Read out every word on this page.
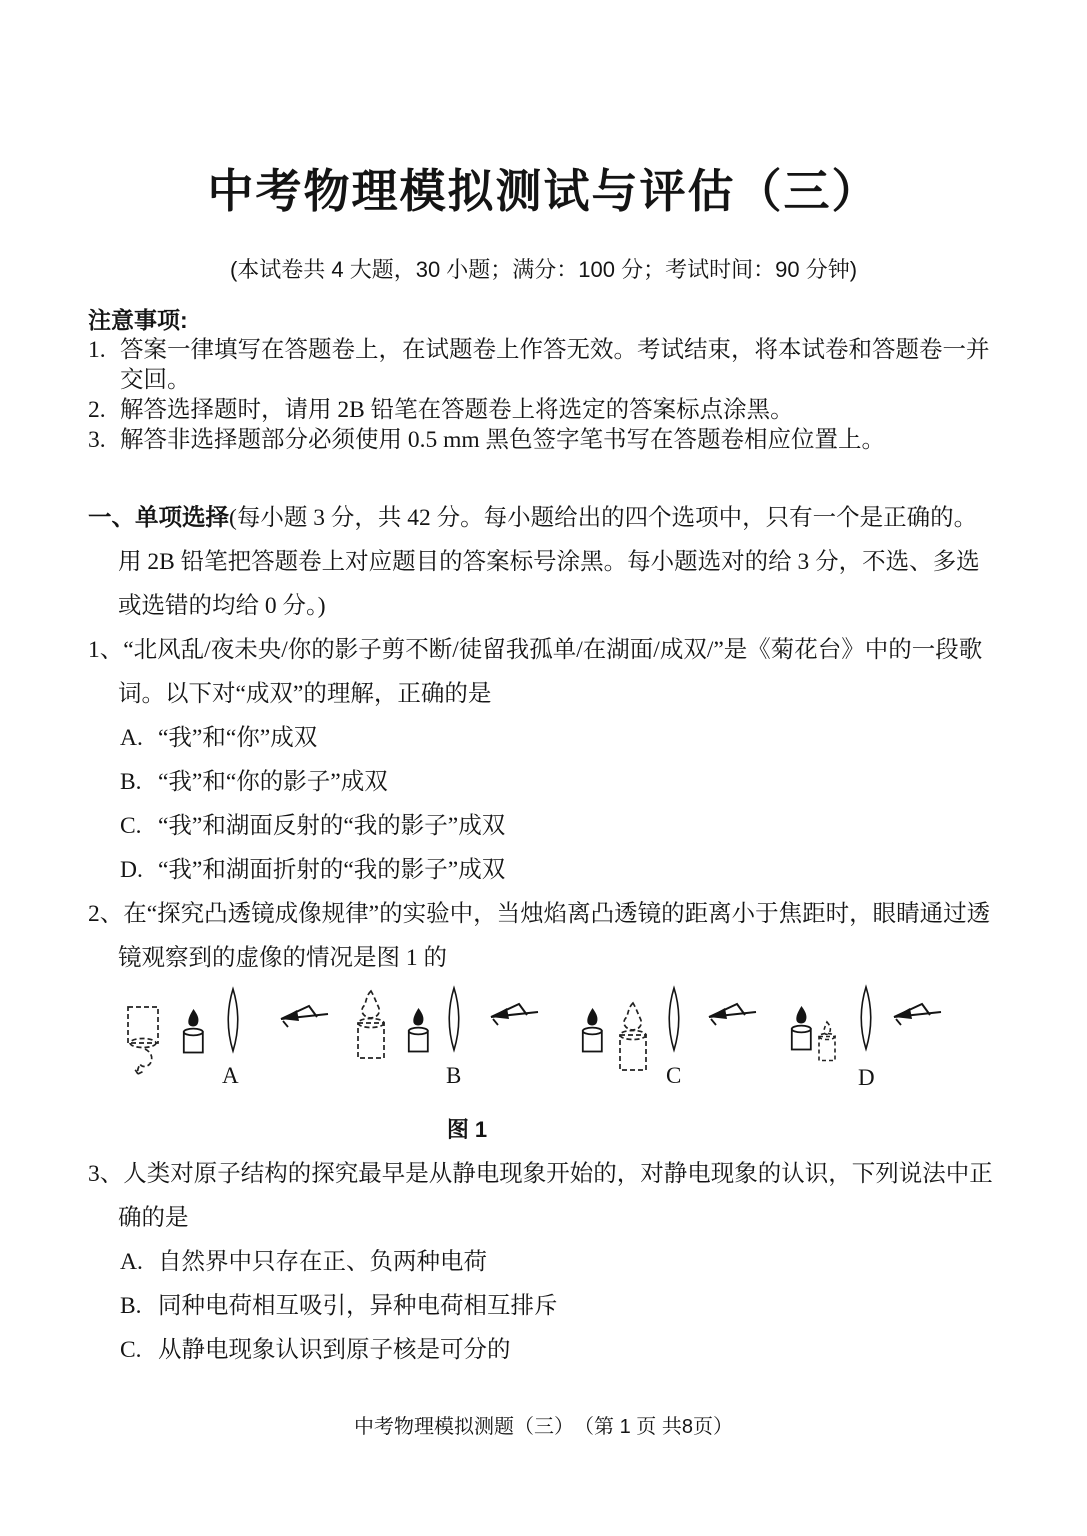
中考物理模拟测试与评估（三）

(本试卷共 4 大题，30 小题；满分：100 分；考试时间：90 分钟)

注意事项:

1. 答案一律填写在答题卷上，在试题卷上作答无效。考试结束，将本试卷和答题卷一并交回。
2. 解答选择题时，请用 2B 铅笔在答题卷上将选定的答案标点涂黑。
3. 解答非选择题部分必须使用 0.5 mm 黑色签字笔书写在答题卷相应位置上。

一、单项选择(每小题 3 分，共 42 分。每小题给出的四个选项中，只有一个是正确的。用 2B 铅笔把答题卷上对应题目的答案标号涂黑。每小题选对的给 3 分，不选、多选或选错的均给 0 分。)

1、“北风乱/夜未央/你的影子剪不断/徒留我孤单/在湖面/成双/”是《菊花台》中的一段歌词。以下对“成双”的理解，正确的是

A. “我”和“你”成双
B. “我”和“你的影子”成双
C. “我”和湖面反射的“我的影子”成双
D. “我”和湖面折射的“我的影子”成双

2、在“探究凸透镜成像规律”的实验中，当烛焰离凸透镜的距离小于焦距时，眼睛通过透镜观察到的虚像的情况是图 1 的

A	B	C	D

图 1

3、人类对原子结构的探究最早是从静电现象开始的，对静电现象的认识，下列说法中正确的是

A. 自然界中只存在正、负两种电荷
B. 同种电荷相互吸引，异种电荷相互排斥
C. 从静电现象认识到原子核是可分的
中考物理模拟测题（三）　（第 1 页 共8页）
